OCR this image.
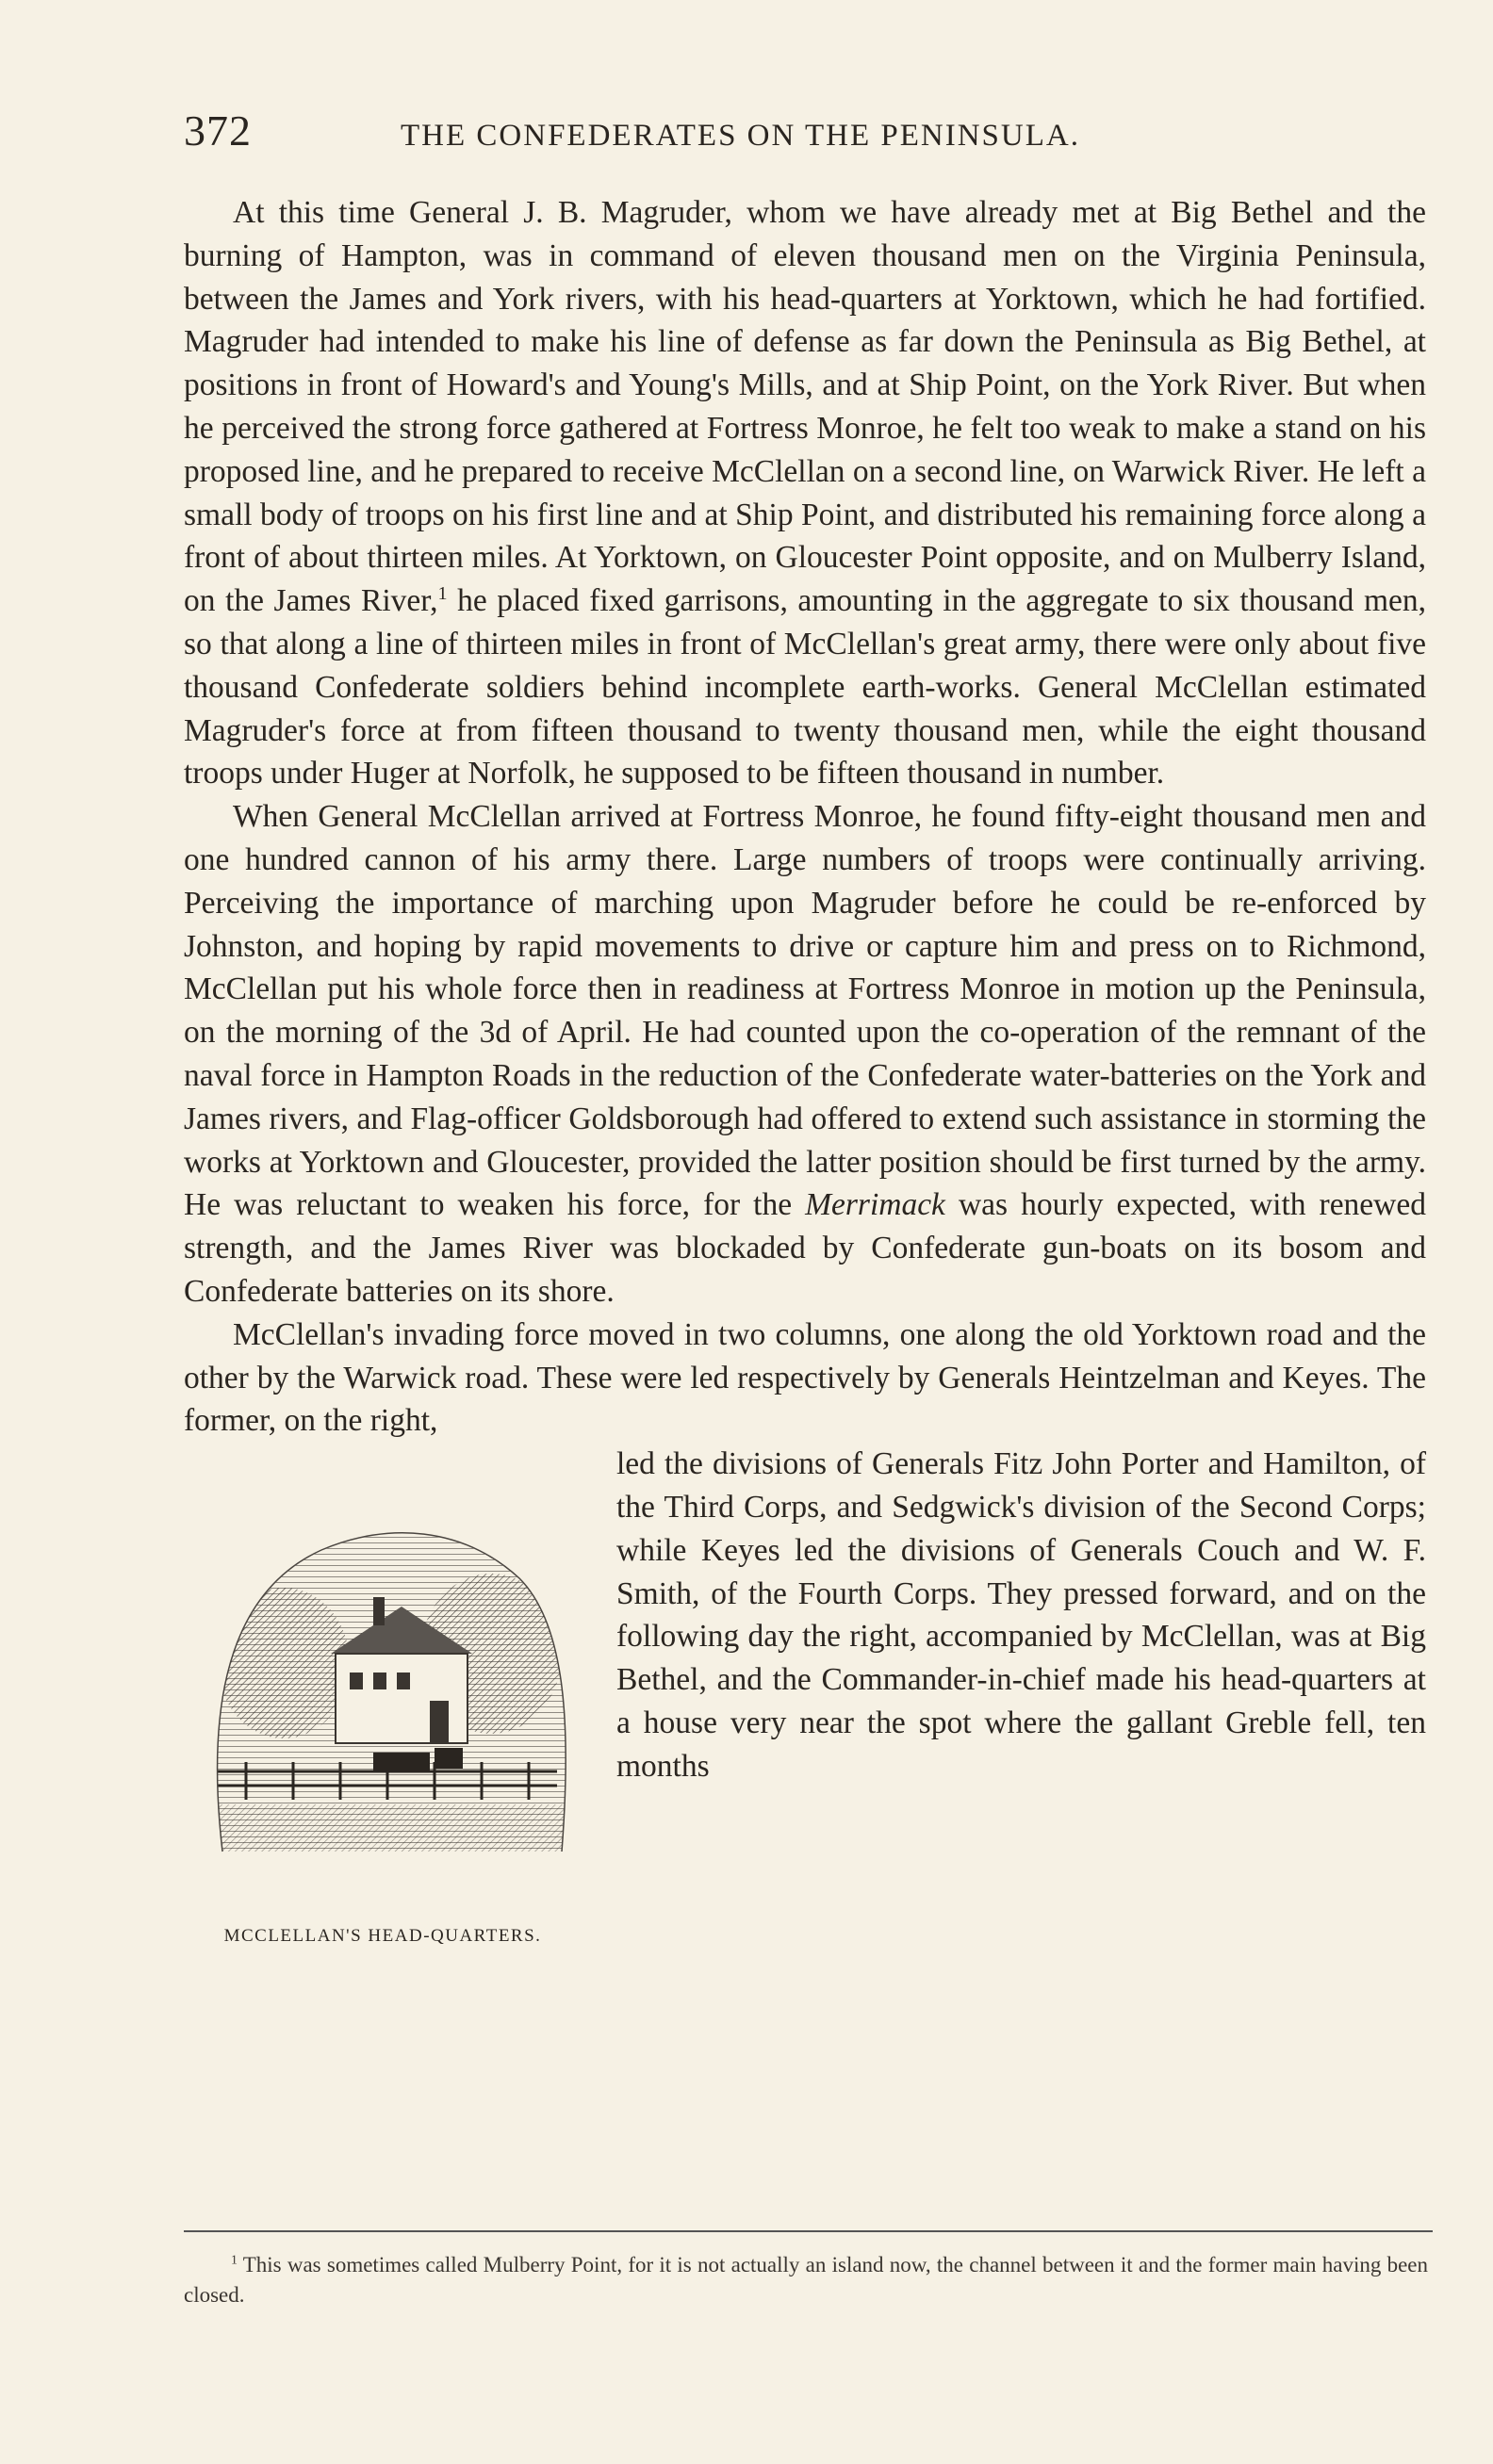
372	THE CONFEDERATES ON THE PENINSULA.

At this time General J. B. Magruder, whom we have already met at Big Bethel and the burning of Hampton, was in command of eleven thousand men on the Virginia Peninsula, between the James and York rivers, with his head-quarters at Yorktown, which he had fortified. Magruder had intended to make his line of defense as far down the Peninsula as Big Bethel, at positions in front of Howard's and Young's Mills, and at Ship Point, on the York River. But when he perceived the strong force gathered at Fortress Monroe, he felt too weak to make a stand on his proposed line, and he prepared to receive McClellan on a second line, on Warwick River. He left a small body of troops on his first line and at Ship Point, and distributed his remaining force along a front of about thirteen miles. At Yorktown, on Gloucester Point opposite, and on Mulberry Island, on the James River,$^1$ he placed fixed garrisons, amounting in the aggregate to six thousand men, so that along a line of thirteen miles in front of McClellan's great army, there were only about five thousand Confederate soldiers behind incomplete earth-works. General McClellan estimated Magruder's force at from fifteen thousand to twenty thousand men, while the eight thousand troops under Huger at Norfolk, he supposed to be fifteen thousand in number.

When General McClellan arrived at Fortress Monroe, he found fifty-eight thousand men and one hundred cannon of his army there. Large numbers of troops were continually arriving. Perceiving the importance of marching upon Magruder before he could be re-enforced by Johnston, and hoping by rapid movements to drive or capture him and press on to Richmond, McClellan put his whole force then in readiness at Fortress Monroe in motion up the Peninsula, on the morning of the 3d of April. He had counted upon the co-operation of the remnant of the naval force in Hampton Roads in the reduction of the Confederate water-batteries on the York and James rivers, and Flag-officer Goldsborough had offered to extend such assistance in storming the works at Yorktown and Gloucester, provided the latter position should be first turned by the army. He was reluctant to weaken his force, for the Merrimack was hourly expected, with renewed strength, and the James River was blockaded by Confederate gun-boats on its bosom and Confederate batteries on its shore.

McClellan's invading force moved in two columns, one along the old Yorktown road and the other by the Warwick road. These were led respectively by Generals Heintzelman and Keyes. The former, on the right,

MCCLELLAN'S HEAD-QUARTERS.
led the divisions of Generals Fitz John Porter and Hamilton, of the Third Corps, and Sedgwick's division of the Second Corps; while Keyes led the divisions of Generals Couch and W. F. Smith, of the Fourth Corps. They pressed forward, and on the following day the right, accompanied by McClellan, was at Big Bethel, and the Commander-in-chief made his head-quarters at a house very near the spot where the gallant Greble fell, ten months
$^1$ This was sometimes called Mulberry Point, for it is not actually an island now, the channel between it and the former main having been closed.
